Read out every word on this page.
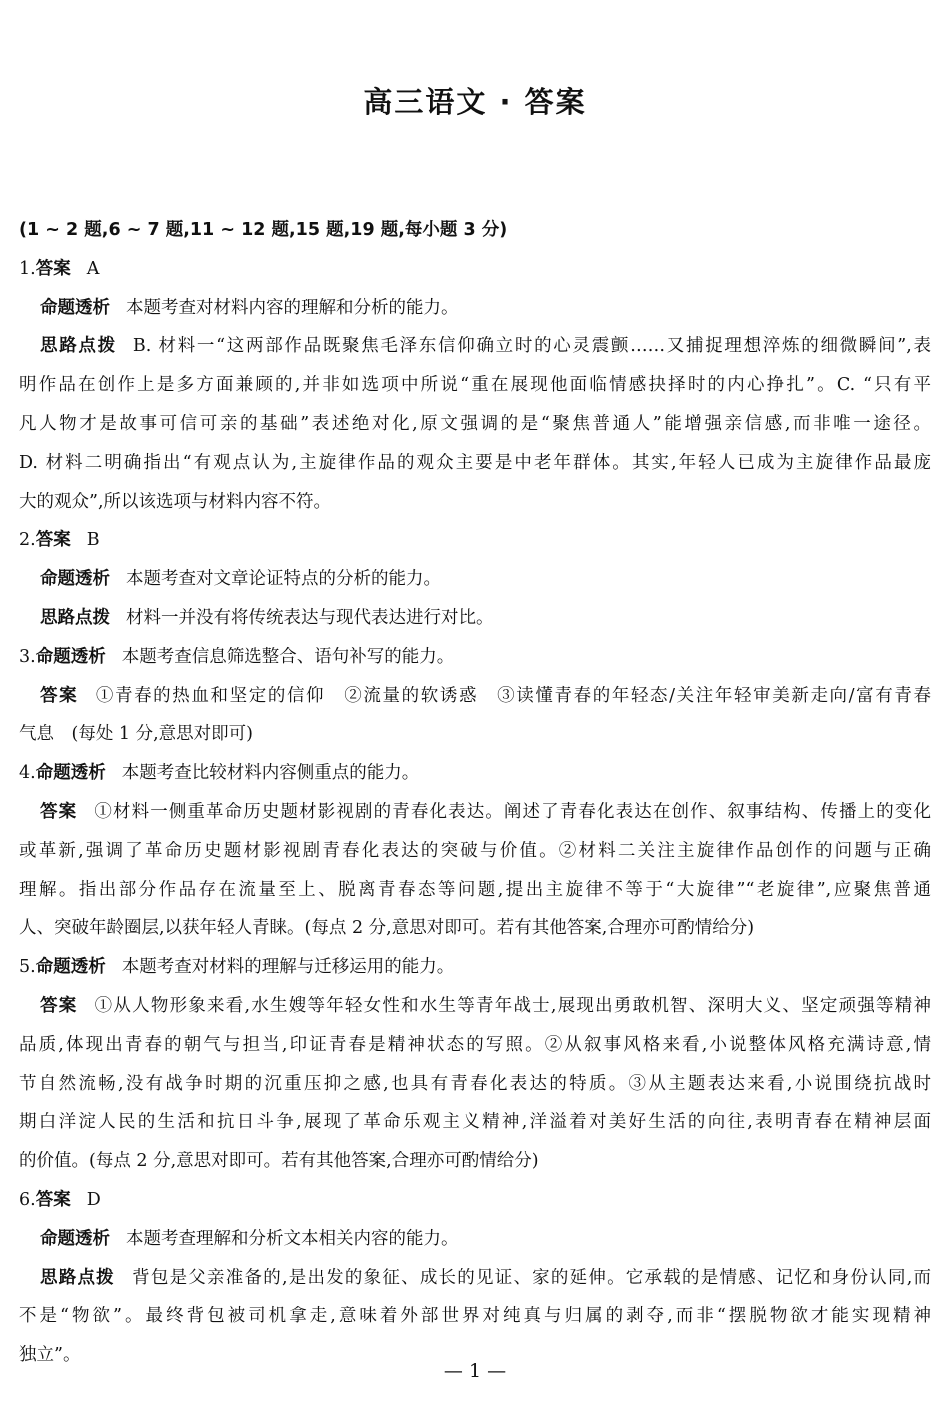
高三语文 · 答案
(1 ~ 2 题,6 ~ 7 题,11 ~ 12 题,15 题,19 题,每小题 3 分)
1.答案 A
命题透析 本题考查对材料内容的理解和分析的能力。
思路点拨 B. 材料一“这两部作品既聚焦毛泽东信仰确立时的心灵震颤……又捕捉理想淬炼的细微瞬间”,表
明作品在创作上是多方面兼顾的,并非如选项中所说“重在展现他面临情感抉择时的内心挣扎”。C. “只有平
凡人物才是故事可信可亲的基础”表述绝对化,原文强调的是“聚焦普通人”能增强亲信感,而非唯一途径。
D. 材料二明确指出“有观点认为,主旋律作品的观众主要是中老年群体。其实,年轻人已成为主旋律作品最庞
大的观众”,所以该选项与材料内容不符。
2.答案 B
命题透析 本题考查对文章论证特点的分析的能力。
思路点拨 材料一并没有将传统表达与现代表达进行对比。
3.命题透析 本题考查信息筛选整合、语句补写的能力。
答案 ①青春的热血和坚定的信仰　②流量的软诱惑　③读懂青春的年轻态/关注年轻审美新走向/富有青春
气息　(每处 1 分,意思对即可)
4.命题透析 本题考查比较材料内容侧重点的能力。
答案 ①材料一侧重革命历史题材影视剧的青春化表达。阐述了青春化表达在创作、叙事结构、传播上的变化
或革新,强调了革命历史题材影视剧青春化表达的突破与价值。②材料二关注主旋律作品创作的问题与正确
理解。指出部分作品存在流量至上、脱离青春态等问题,提出主旋律不等于“大旋律”“老旋律”,应聚焦普通
人、突破年龄圈层,以获年轻人青睐。(每点 2 分,意思对即可。若有其他答案,合理亦可酌情给分)
5.命题透析 本题考查对材料的理解与迁移运用的能力。
答案 ①从人物形象来看,水生嫂等年轻女性和水生等青年战士,展现出勇敢机智、深明大义、坚定顽强等精神
品质,体现出青春的朝气与担当,印证青春是精神状态的写照。②从叙事风格来看,小说整体风格充满诗意,情
节自然流畅,没有战争时期的沉重压抑之感,也具有青春化表达的特质。③从主题表达来看,小说围绕抗战时
期白洋淀人民的生活和抗日斗争,展现了革命乐观主义精神,洋溢着对美好生活的向往,表明青春在精神层面
的价值。(每点 2 分,意思对即可。若有其他答案,合理亦可酌情给分)
6.答案 D
命题透析 本题考查理解和分析文本相关内容的能力。
思路点拨 背包是父亲准备的,是出发的象征、成长的见证、家的延伸。它承载的是情感、记忆和身份认同,而
不是“物欲”。最终背包被司机拿走,意味着外部世界对纯真与归属的剥夺,而非“摆脱物欲才能实现精神
独立”。
— 1 —
